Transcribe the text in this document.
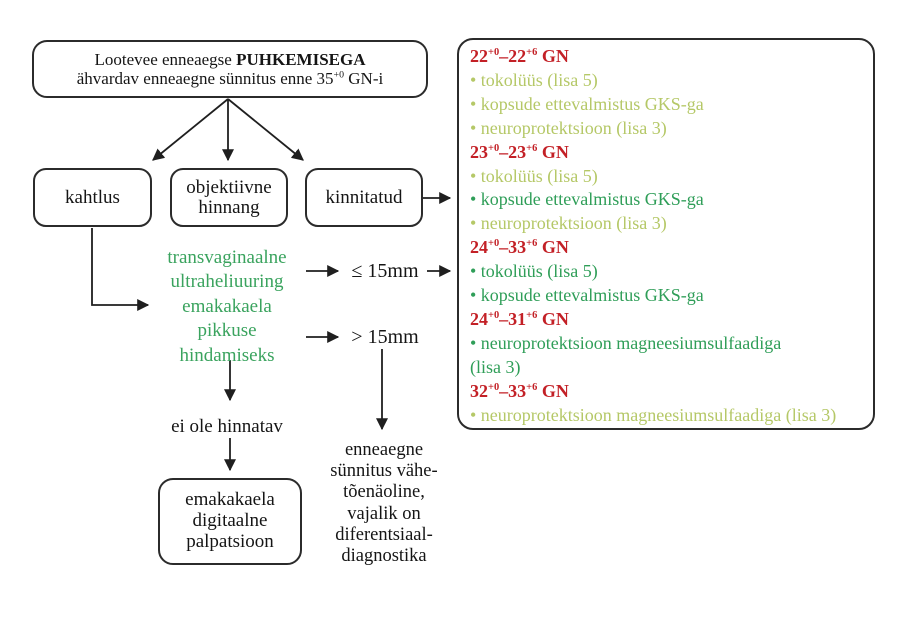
Lootevee enneaegse PUHKEMISEGA
ähvardav enneaegne sünnitus enne $35^{+0}$ GN-i
kahtlus	objektiivne
hinnang	kinnitatud
transvaginaalne
ultraheliuuring
emakakaela
pikkuse
hindamiseks
≤ 15mm
> 15mm
ei ole hinnatav
emakakaela
digitaalne
palpatsioon
enneaegne
sünnitus vähe-
tõenäoline,
vajalik on
diferentsiaal-
diagnostika
$22^{+0}-22^{+6}$ GN
• tokolüüs (lisa 5)
• kopsude ettevalmistus GKS-ga
• neuroprotektsioon (lisa 3)
$23^{+0}-23^{+6}$ GN
• tokolüüs (lisa 5)
• kopsude ettevalmistus GKS-ga
• neuroprotektsioon (lisa 3)
$24^{+0}-33^{+6}$ GN
• tokolüüs (lisa 5)
• kopsude ettevalmistus GKS-ga
$24^{+0}-31^{+6}$ GN
• neuroprotektsioon magneesiumsulfaadiga
(lisa 3)
$32^{+0}-33^{+6}$ GN
• neuroprotektsioon magneesiumsulfaadiga (lisa 3)
